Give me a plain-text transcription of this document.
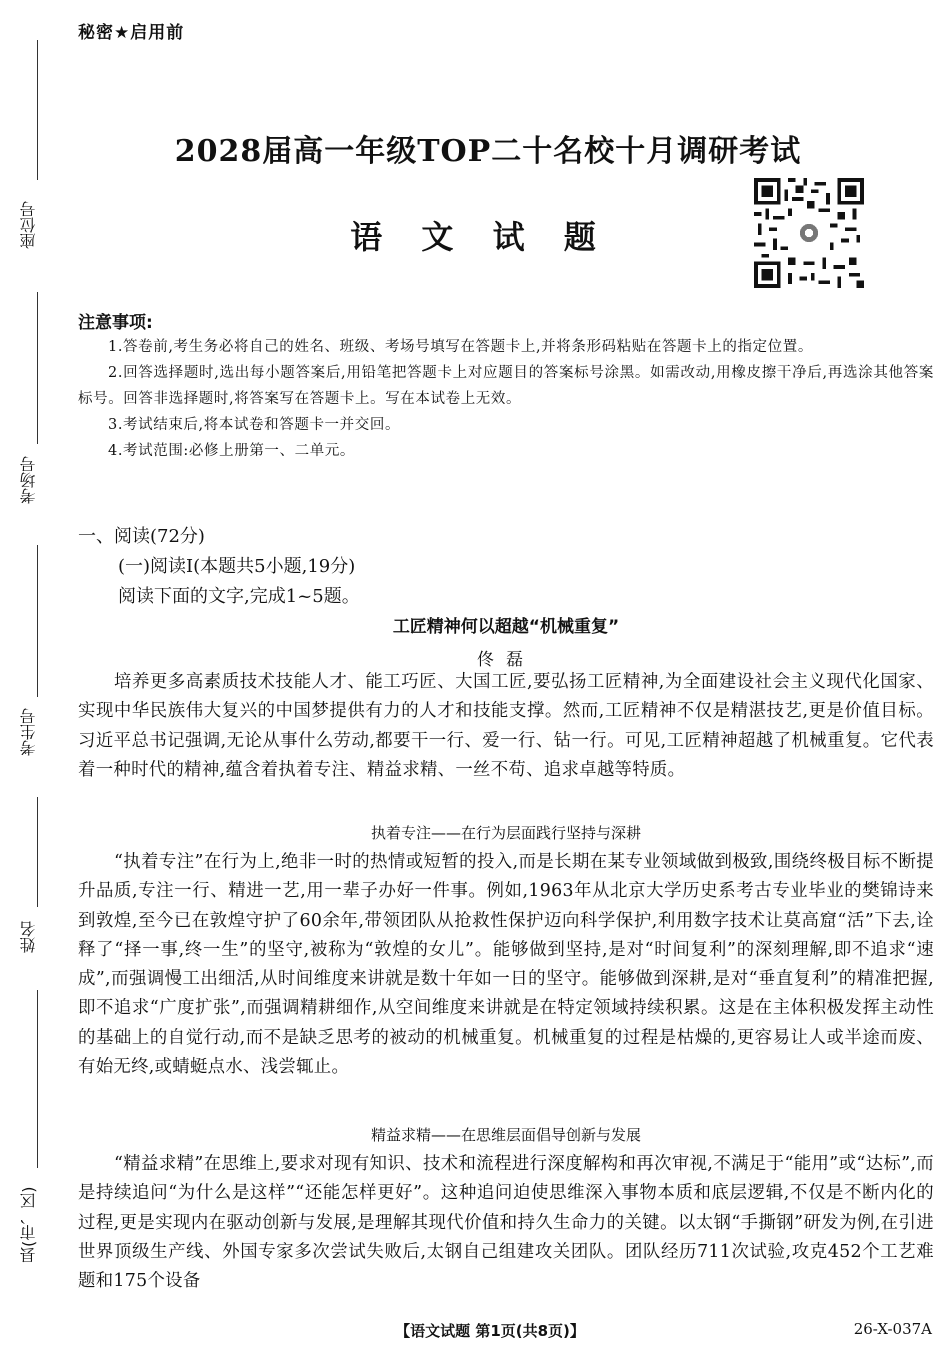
座位号
考场号
考生号
姓名
县(市、区)
秘密★启用前
2028届高一年级TOP二十名校十月调研考试
语 文 试 题
注意事项:
1.答卷前,考生务必将自己的姓名、班级、考场号填写在答题卡上,并将条形码粘贴在答题卡上的指定位置。
2.回答选择题时,选出每小题答案后,用铅笔把答题卡上对应题目的答案标号涂黑。如需改动,用橡皮擦干净后,再选涂其他答案标号。回答非选择题时,将答案写在答题卡上。写在本试卷上无效。
3.考试结束后,将本试卷和答题卡一并交回。
4.考试范围:必修上册第一、二单元。
一、阅读(72分)
(一)阅读Ⅰ(本题共5小题,19分)
阅读下面的文字,完成1~5题。
工匠精神何以超越“机械重复”
佟磊

培养更多高素质技术技能人才、能工巧匠、大国工匠,要弘扬工匠精神,为全面建设社会主义现代化国家、实现中华民族伟大复兴的中国梦提供有力的人才和技能支撑。然而,工匠精神不仅是精湛技艺,更是价值目标。习近平总书记强调,无论从事什么劳动,都要干一行、爱一行、钻一行。可见,工匠精神超越了机械重复。它代表着一种时代的精神,蕴含着执着专注、精益求精、一丝不苟、追求卓越等特质。

执着专注——在行为层面践行坚持与深耕

“执着专注”在行为上,绝非一时的热情或短暂的投入,而是长期在某专业领域做到极致,围绕终极目标不断提升品质,专注一行、精进一艺,用一辈子办好一件事。例如,1963年从北京大学历史系考古专业毕业的樊锦诗来到敦煌,至今已在敦煌守护了60余年,带领团队从抢救性保护迈向科学保护,利用数字技术让莫高窟“活”下去,诠释了“择一事,终一生”的坚守,被称为“敦煌的女儿”。能够做到坚持,是对“时间复利”的深刻理解,即不追求“速成”,而强调慢工出细活,从时间维度来讲就是数十年如一日的坚守。能够做到深耕,是对“垂直复利”的精准把握,即不追求“广度扩张”,而强调精耕细作,从空间维度来讲就是在特定领域持续积累。这是在主体积极发挥主动性的基础上的自觉行动,而不是缺乏思考的被动的机械重复。机械重复的过程是枯燥的,更容易让人或半途而废、有始无终,或蜻蜓点水、浅尝辄止。

精益求精——在思维层面倡导创新与发展

“精益求精”在思维上,要求对现有知识、技术和流程进行深度解构和再次审视,不满足于“能用”或“达标”,而是持续追问“为什么是这样”“还能怎样更好”。这种追问迫使思维深入事物本质和底层逻辑,不仅是不断内化的过程,更是实现内在驱动创新与发展,是理解其现代价值和持久生命力的关键。以太钢“手撕钢”研发为例,在引进世界顶级生产线、外国专家多次尝试失败后,太钢自己组建攻关团队。团队经历711次试验,攻克452个工艺难题和175个设备

【语文试题 第1页(共8页)】	26-X-037A
